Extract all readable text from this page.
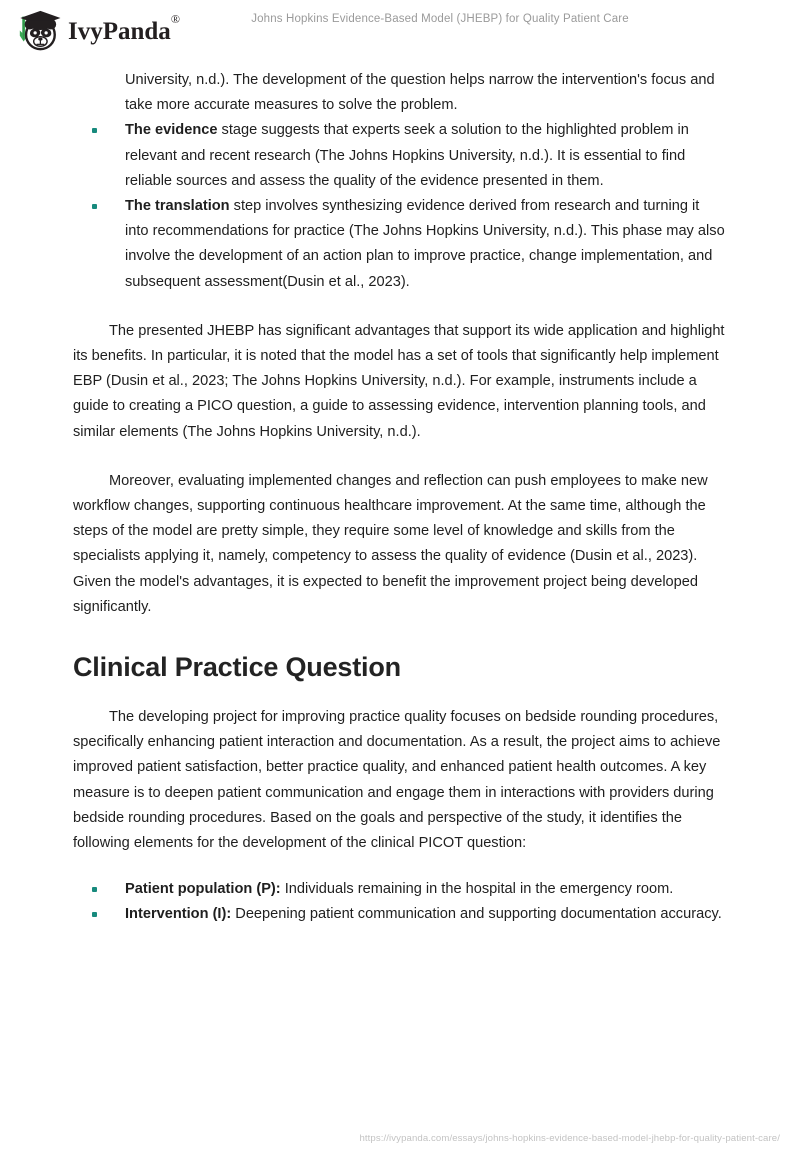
IvyPanda®	Johns Hopkins Evidence-Based Model (JHEBP) for Quality Patient Care
University, n.d.). The development of the question helps narrow the intervention's focus and take more accurate measures to solve the problem.
The evidence stage suggests that experts seek a solution to the highlighted problem in relevant and recent research (The Johns Hopkins University, n.d.). It is essential to find reliable sources and assess the quality of the evidence presented in them.
The translation step involves synthesizing evidence derived from research and turning it into recommendations for practice (The Johns Hopkins University, n.d.). This phase may also involve the development of an action plan to improve practice, change implementation, and subsequent assessment(Dusin et al., 2023).

The presented JHEBP has significant advantages that support its wide application and highlight its benefits. In particular, it is noted that the model has a set of tools that significantly help implement EBP (Dusin et al., 2023; The Johns Hopkins University, n.d.). For example, instruments include a guide to creating a PICO question, a guide to assessing evidence, intervention planning tools, and similar elements (The Johns Hopkins University, n.d.).

Moreover, evaluating implemented changes and reflection can push employees to make new workflow changes, supporting continuous healthcare improvement. At the same time, although the steps of the model are pretty simple, they require some level of knowledge and skills from the specialists applying it, namely, competency to assess the quality of evidence (Dusin et al., 2023). Given the model's advantages, it is expected to benefit the improvement project being developed significantly.

Clinical Practice Question

The developing project for improving practice quality focuses on bedside rounding procedures, specifically enhancing patient interaction and documentation. As a result, the project aims to achieve improved patient satisfaction, better practice quality, and enhanced patient health outcomes. A key measure is to deepen patient communication and engage them in interactions with providers during bedside rounding procedures. Based on the goals and perspective of the study, it identifies the following elements for the development of the clinical PICOT question:

Patient population (P): Individuals remaining in the hospital in the emergency room.
Intervention (I): Deepening patient communication and supporting documentation accuracy.
https://ivypanda.com/essays/johns-hopkins-evidence-based-model-jhebp-for-quality-patient-care/
